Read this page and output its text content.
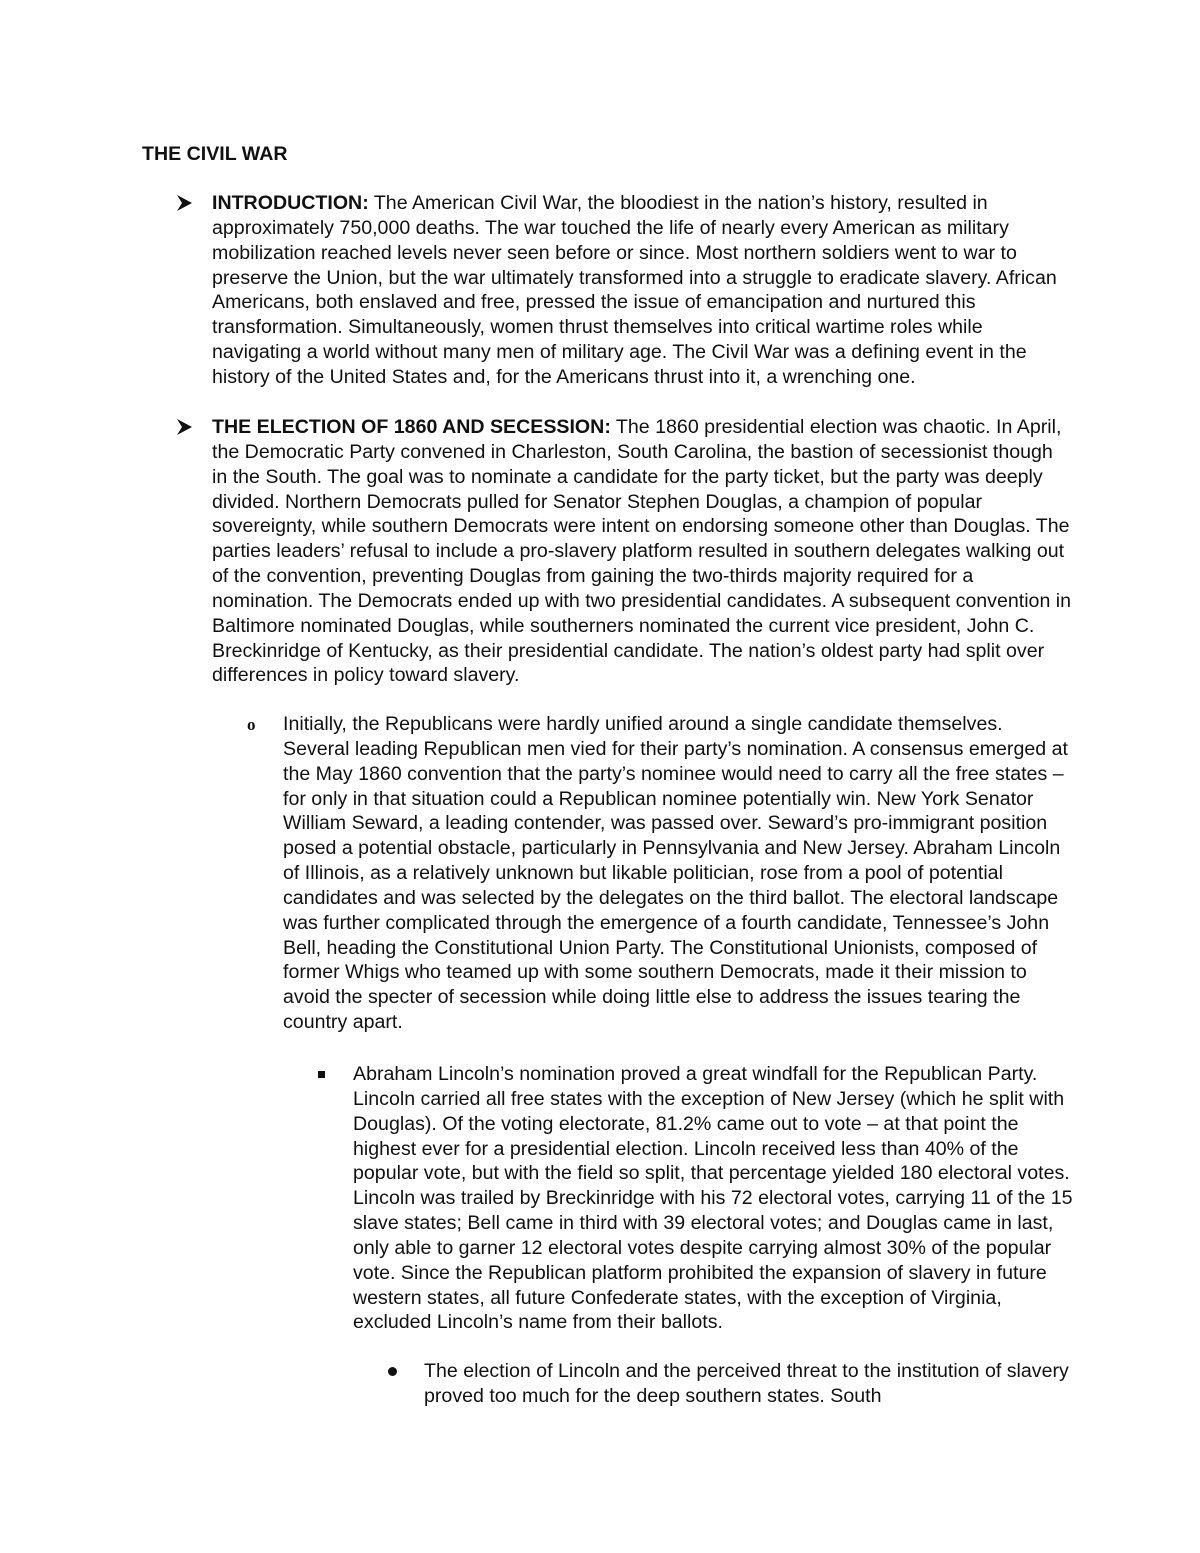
THE CIVIL WAR

INTRODUCTION: The American Civil War, the bloodiest in the nation’s history, resulted in approximately 750,000 deaths. The war touched the life of nearly every American as military mobilization reached levels never seen before or since. Most northern soldiers went to war to preserve the Union, but the war ultimately transformed into a struggle to eradicate slavery. African Americans, both enslaved and free, pressed the issue of emancipation and nurtured this transformation. Simultaneously, women thrust themselves into critical wartime roles while navigating a world without many men of military age. The Civil War was a defining event in the history of the United States and, for the Americans thrust into it, a wrenching one.

THE ELECTION OF 1860 AND SECESSION: The 1860 presidential election was chaotic. In April, the Democratic Party convened in Charleston, South Carolina, the bastion of secessionist though in the South. The goal was to nominate a candidate for the party ticket, but the party was deeply divided. Northern Democrats pulled for Senator Stephen Douglas, a champion of popular sovereignty, while southern Democrats were intent on endorsing someone other than Douglas. The parties leaders’ refusal to include a pro-slavery platform resulted in southern delegates walking out of the convention, preventing Douglas from gaining the two-thirds majority required for a nomination. The Democrats ended up with two presidential candidates. A subsequent convention in Baltimore nominated Douglas, while southerners nominated the current vice president, John C. Breckinridge of Kentucky, as their presidential candidate. The nation’s oldest party had split over differences in policy toward slavery.

o Initially, the Republicans were hardly unified around a single candidate themselves. Several leading Republican men vied for their party’s nomination. A consensus emerged at the May 1860 convention that the party’s nominee would need to carry all the free states – for only in that situation could a Republican nominee potentially win. New York Senator William Seward, a leading contender, was passed over. Seward’s pro-immigrant position posed a potential obstacle, particularly in Pennsylvania and New Jersey. Abraham Lincoln of Illinois, as a relatively unknown but likable politician, rose from a pool of potential candidates and was selected by the delegates on the third ballot. The electoral landscape was further complicated through the emergence of a fourth candidate, Tennessee’s John Bell, heading the Constitutional Union Party. The Constitutional Unionists, composed of former Whigs who teamed up with some southern Democrats, made it their mission to avoid the specter of secession while doing little else to address the issues tearing the country apart.

Abraham Lincoln’s nomination proved a great windfall for the Republican Party. Lincoln carried all free states with the exception of New Jersey (which he split with Douglas). Of the voting electorate, 81.2% came out to vote – at that point the highest ever for a presidential election. Lincoln received less than 40% of the popular vote, but with the field so split, that percentage yielded 180 electoral votes. Lincoln was trailed by Breckinridge with his 72 electoral votes, carrying 11 of the 15 slave states; Bell came in third with 39 electoral votes; and Douglas came in last, only able to garner 12 electoral votes despite carrying almost 30% of the popular vote. Since the Republican platform prohibited the expansion of slavery in future western states, all future Confederate states, with the exception of Virginia, excluded Lincoln’s name from their ballots.

The election of Lincoln and the perceived threat to the institution of slavery proved too much for the deep southern states. South
